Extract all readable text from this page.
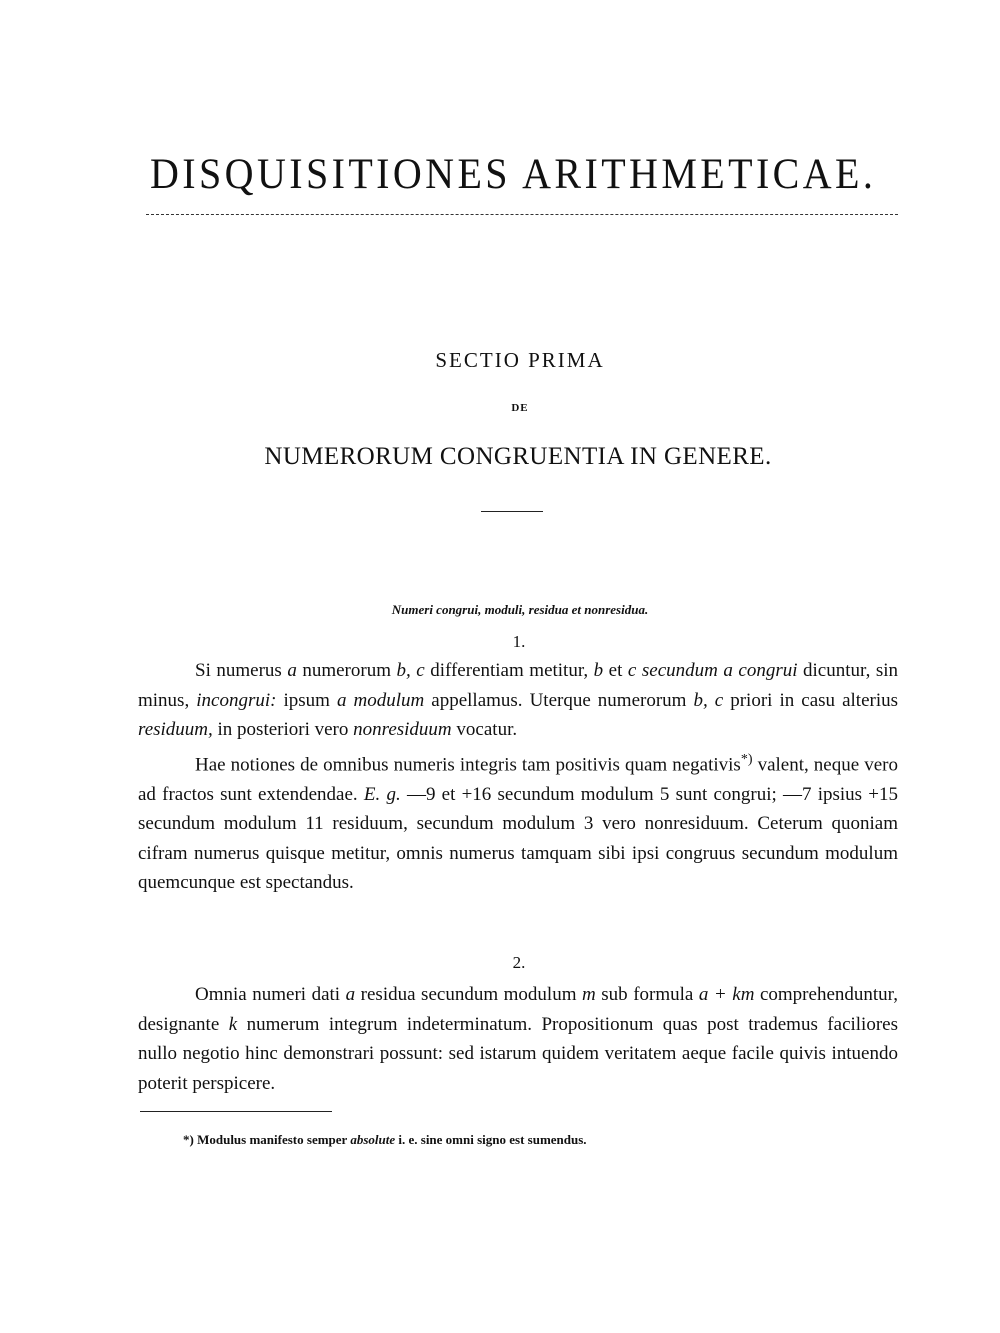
DISQUISITIONES ARITHMETICAE.
SECTIO PRIMA
DE
NUMERORUM CONGRUENTIA IN GENERE.
Numeri congrui, moduli, residua et nonresidua.
1.

Si numerus a numerorum b, c differentiam metitur, b et c secundum a congrui dicuntur, sin minus, incongrui: ipsum a modulum appellamus. Uterque numerorum b, c priori in casu alterius residuum, in posteriori vero nonresiduum vocatur.

Hae notiones de omnibus numeris integris tam positivis quam negativis*) valent, neque vero ad fractos sunt extendendae. E. g. —9 et +16 secundum modulum 5 sunt congrui; —7 ipsius +15 secundum modulum 11 residuum, secundum modulum 3 vero nonresiduum. Ceterum quoniam cifram numerus quisque metitur, omnis numerus tamquam sibi ipsi congruus secundum modulum quemcunque est spectandus.

2.

Omnia numeri dati a residua secundum modulum m sub formula a + km comprehenduntur, designante k numerum integrum indeterminatum. Propositionum quas post trademus faciliores nullo negotio hinc demonstrari possunt: sed istarum quidem veritatem aeque facile quivis intuendo poterit perspicere.

*) Modulus manifesto semper absolute i. e. sine omni signo est sumendus.
